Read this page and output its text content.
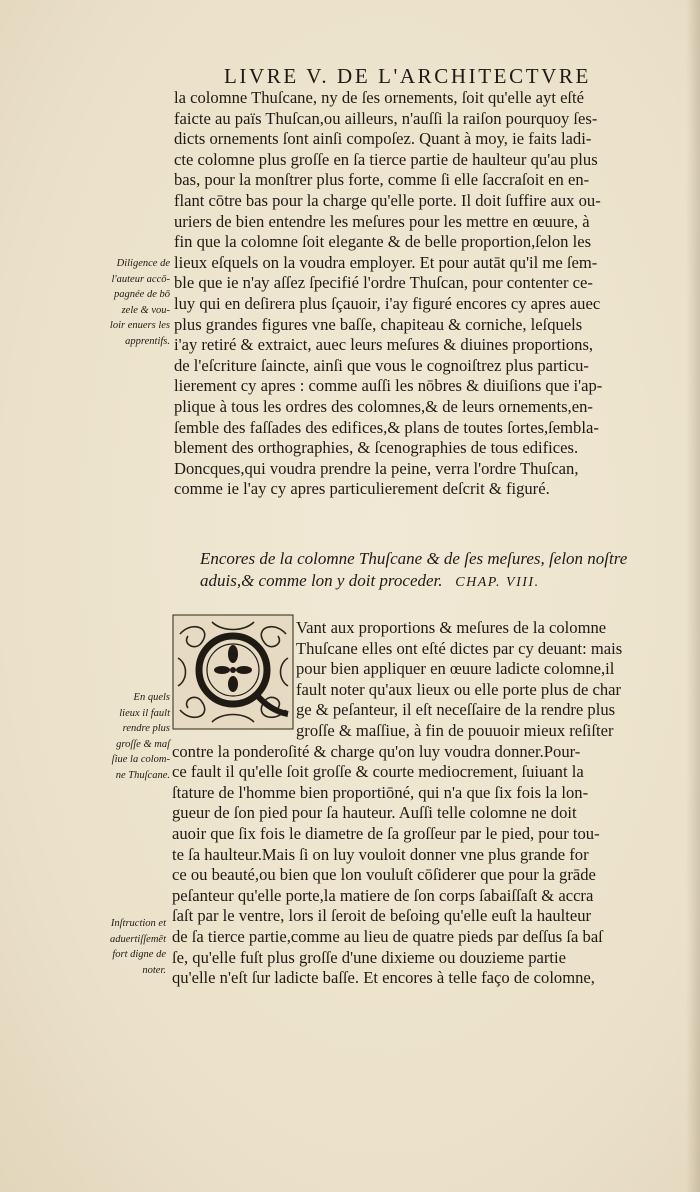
LIVRE V. DE L'ARCHITECTVRE
la colomne Thuſcane, ny de ſes ornements, ſoit qu'elle ayt eſté
faicte au païs Thuſcan,ou ailleurs, n'auſſi la raiſon pourquoy ſes-
dicts ornements ſont ainſi compoſez. Quant à moy, ie faits ladi-
cte colomne plus groſſe en ſa tierce partie de haulteur qu'au plus
bas, pour la monſtrer plus forte, comme ſi elle ſaccraſoit en en-
flant cōtre bas pour la charge qu'elle porte. Il doit ſuffire aux ou-
uriers de bien entendre les meſures pour les mettre en œuure, à
fin que la colomne ſoit elegante & de belle proportion,ſelon les
lieux eſquels on la voudra employer. Et pour autāt qu'il me ſem-
ble que ie n'ay aſſez ſpecifié l'ordre Thuſcan, pour contenter ce-
luy qui en deſirera plus ſçauoir, i'ay figuré encores cy apres auec
plus grandes figures vne baſſe, chapiteau & corniche, leſquels
i'ay retiré & extraict, auec leurs meſures & diuines proportions,
de l'eſcriture ſaincte, ainſi que vous le cognoiſtrez plus particu-
lierement cy apres : comme auſſi les nōbres & diuiſions que i'ap-
plique à tous les ordres des colomnes,& de leurs ornements,en-
ſemble des faſſades des edifices,& plans de toutes ſortes,ſembla-
blement des orthographies, & ſcenographies de tous edifices.
Doncques,qui voudra prendre la peine, verra l'ordre Thuſcan,
comme ie l'ay cy apres particulierement deſcrit & figuré.
Diligence de
l'auteur accō-
pagnée de bō
zele & vou-
loir enuers les
apprentifs.
Encores de la colomne Thuſcane & de ſes meſures, ſelon noſtre
aduis,& comme lon y doit proceder. CHAP. VIII.
Vant aux proportions & meſures de la colomne
Thuſcane elles ont eſté dictes par cy deuant: mais
pour bien appliquer en œuure ladicte colomne,il
fault noter qu'aux lieux ou elle porte plus de char
ge & peſanteur, il eſt neceſſaire de la rendre plus
groſſe & maſſiue, à fin de pouuoir mieux reſiſter
contre la ponderoſité & charge qu'on luy voudra donner.Pour-
ce fault il qu'elle ſoit groſſe & courte mediocrement, ſuiuant la
ſtature de l'homme bien proportiōné, qui n'a que ſix fois la lon-
gueur de ſon pied pour ſa hauteur. Auſſi telle colomne ne doit
auoir que ſix fois le diametre de ſa groſſeur par le pied, pour tou-
te ſa haulteur.Mais ſi on luy vouloit donner vne plus grande for
ce ou beauté,ou bien que lon vouluſt cōſiderer que pour la grāde
peſanteur qu'elle porte,la matiere de ſon corps ſabaiſſaſt & accra
ſaſt par le ventre, lors il ſeroit de beſoing qu'elle euſt la haulteur
de ſa tierce partie,comme au lieu de quatre pieds par deſſus ſa baſ
ſe, qu'elle fuſt plus groſſe d'une dixieme ou douzieme partie
qu'elle n'eſt ſur ladicte baſſe. Et encores à telle faço de colomne,
En quels
lieux il fault
rendre plus
groſſe & maſ
ſiue la colom-
ne Thuſcane.
Inſtruction et
aduertiſſemēt
fort digne de
noter.
